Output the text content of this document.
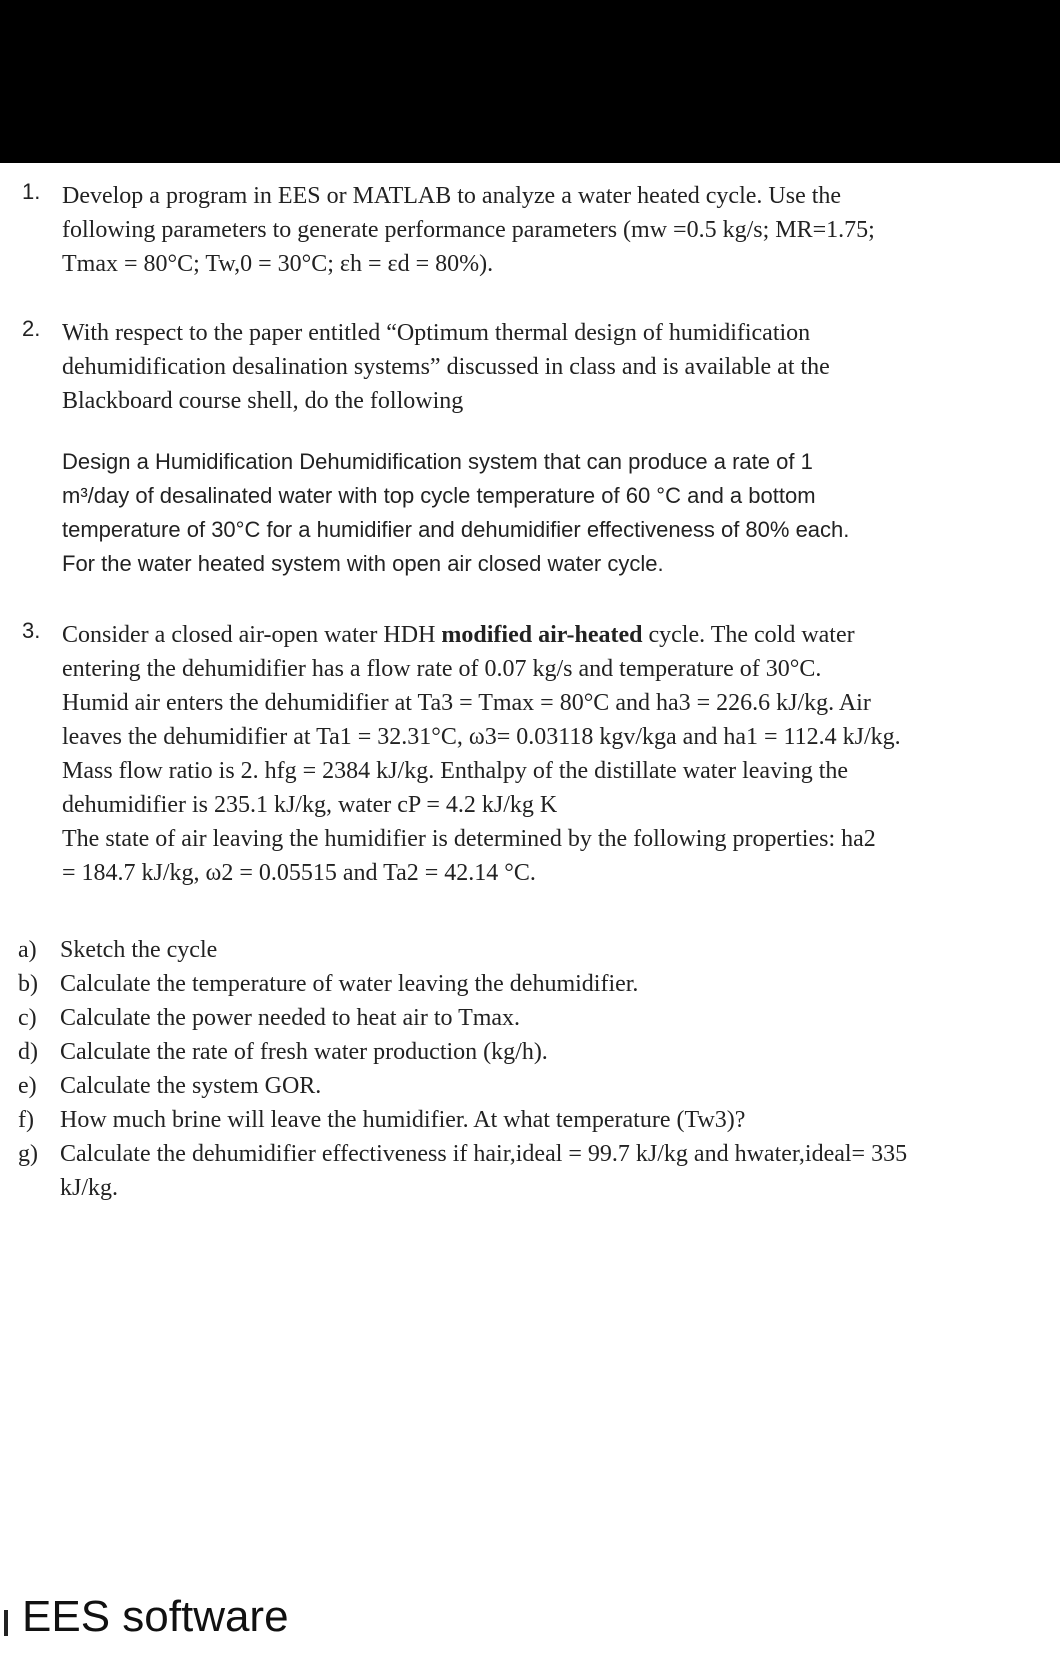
1. Develop a program in EES or MATLAB to analyze a water heated cycle. Use the
following parameters to generate performance parameters (mw =0.5 kg/s; MR=1.75;
Tmax = 80°C; Tw,0 = 30°C; εh = εd = 80%).
2. With respect to the paper entitled “Optimum thermal design of humidification
dehumidification desalination systems” discussed in class and is available at the
Blackboard course shell, do the following
Design a Humidification Dehumidification system that can produce a rate of 1
m³/day of desalinated water with top cycle temperature of 60 °C and a bottom
temperature of 30°C for a humidifier and dehumidifier effectiveness of 80% each.
For the water heated system with open air closed water cycle.
3. Consider a closed air-open water HDH modified air-heated cycle. The cold water
entering the dehumidifier has a flow rate of 0.07 kg/s and temperature of 30°C.
Humid air enters the dehumidifier at Ta3 = Tmax = 80°C and ha3 = 226.6 kJ/kg. Air
leaves the dehumidifier at Ta1 = 32.31°C, ω3= 0.03118 kgv/kga and ha1 = 112.4 kJ/kg.
Mass flow ratio is 2. hfg = 2384 kJ/kg. Enthalpy of the distillate water leaving the
dehumidifier is 235.1 kJ/kg, water cP = 4.2 kJ/kg K
The state of air leaving the humidifier is determined by the following properties: ha2
= 184.7 kJ/kg, ω2 = 0.05515 and Ta2 = 42.14 °C.
a) Sketch the cycle
b) Calculate the temperature of water leaving the dehumidifier.
c) Calculate the power needed to heat air to Tmax.
d) Calculate the rate of fresh water production (kg/h).
e) Calculate the system GOR.
f) How much brine will leave the humidifier. At what temperature (Tw3)?
g) Calculate the dehumidifier effectiveness if hair,ideal = 99.7 kJ/kg and hwater,ideal= 335
kJ/kg.
EES software
